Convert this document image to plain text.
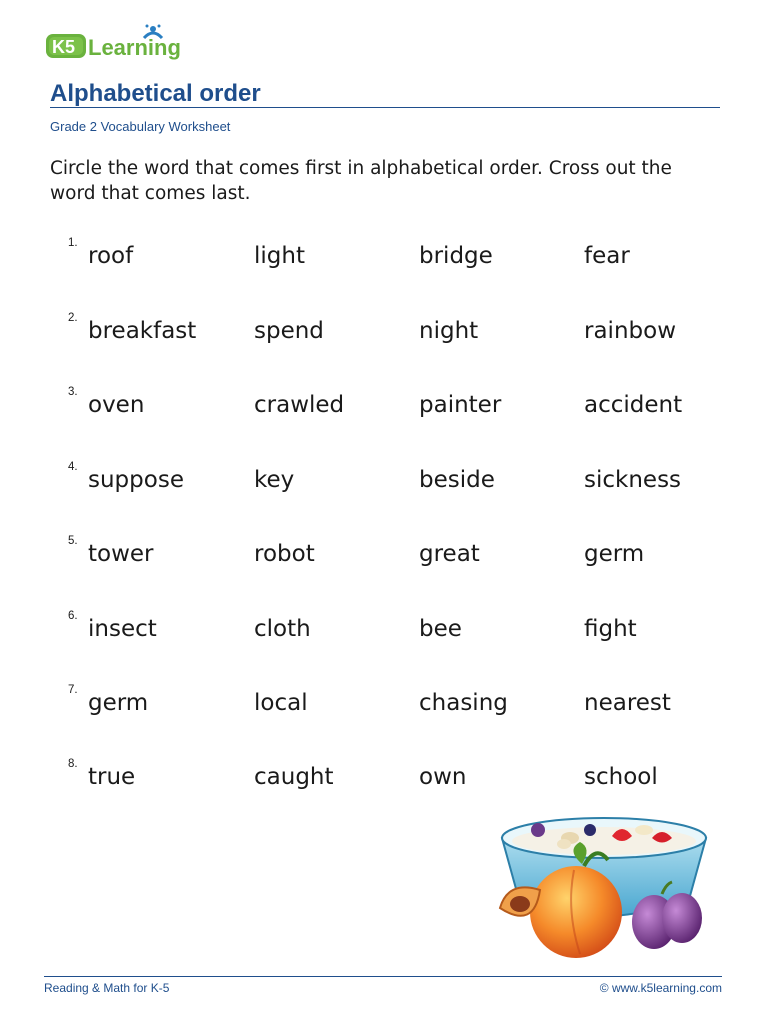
K5 Learning
Alphabetical order
Grade 2 Vocabulary Worksheet
Circle the word that comes first in alphabetical order. Cross out the word that comes last.
1. roof	light	bridge	fear
2. breakfast	spend	night	rainbow
3. oven	crawled	painter	accident
4. suppose	key	beside	sickness
5. tower	robot	great	germ
6. insect	cloth	bee	fight
7. germ	local	chasing	nearest
8. true	caught	own	school
Reading & Math for K-5	© www.k5learning.com
